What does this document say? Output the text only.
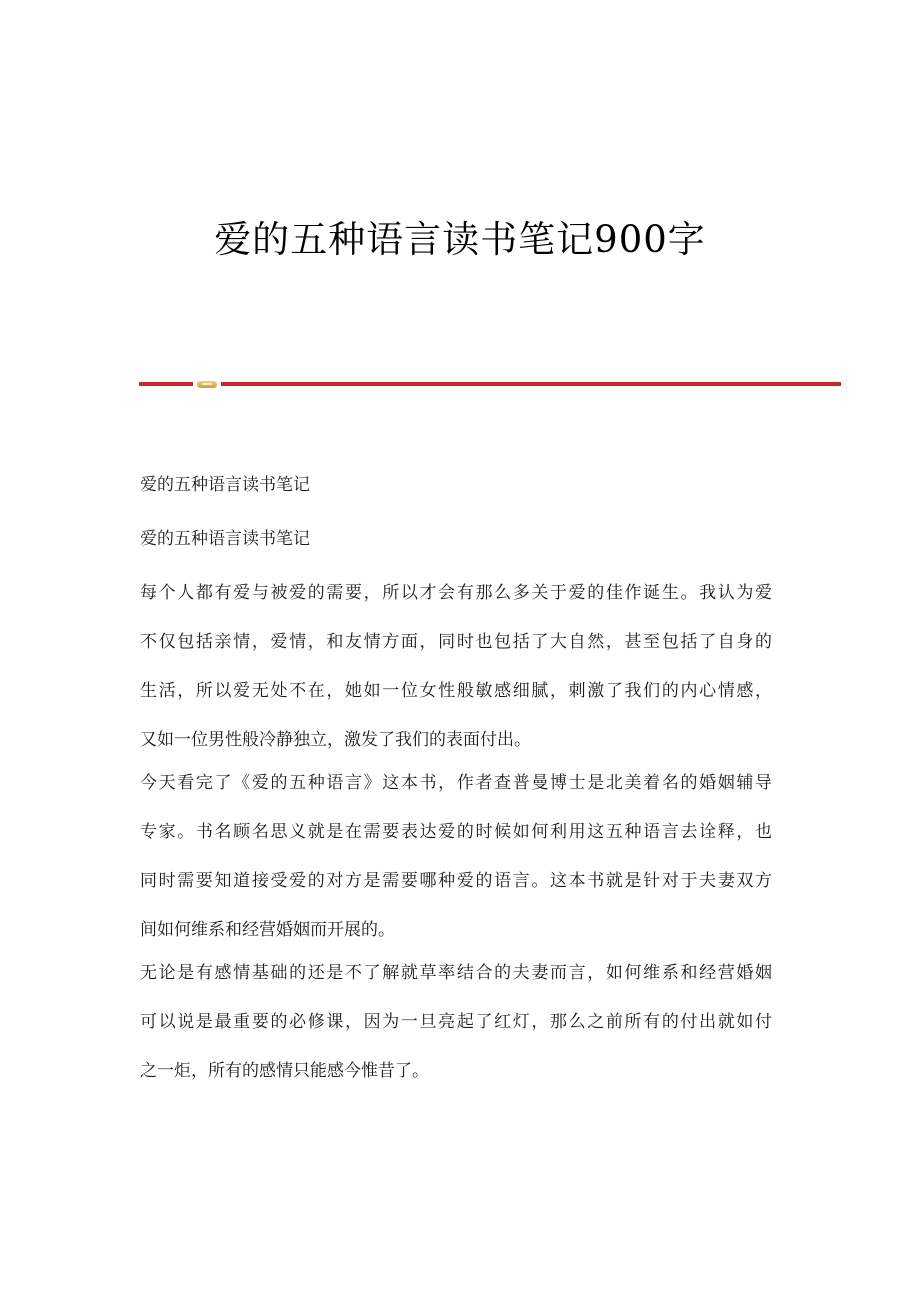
爱的五种语言读书笔记900字

爱的五种语言读书笔记

爱的五种语言读书笔记

每个人都有爱与被爱的需要，所以才会有那么多关于爱的佳作诞生。我认为爱

不仅包括亲情，爱情，和友情方面，同时也包括了大自然，甚至包括了自身的

生活，所以爱无处不在，她如一位女性般敏感细腻，刺激了我们的内心情感，

又如一位男性般冷静独立，激发了我们的表面付出。

今天看完了《爱的五种语言》这本书，作者查普曼博士是北美着名的婚姻辅导

专家。书名顾名思义就是在需要表达爱的时候如何利用这五种语言去诠释，也

同时需要知道接受爱的对方是需要哪种爱的语言。这本书就是针对于夫妻双方

间如何维系和经营婚姻而开展的。

无论是有感情基础的还是不了解就草率结合的夫妻而言，如何维系和经营婚姻

可以说是最重要的必修课，因为一旦亮起了红灯，那么之前所有的付出就如付

之一炬，所有的感情只能感今惟昔了。
